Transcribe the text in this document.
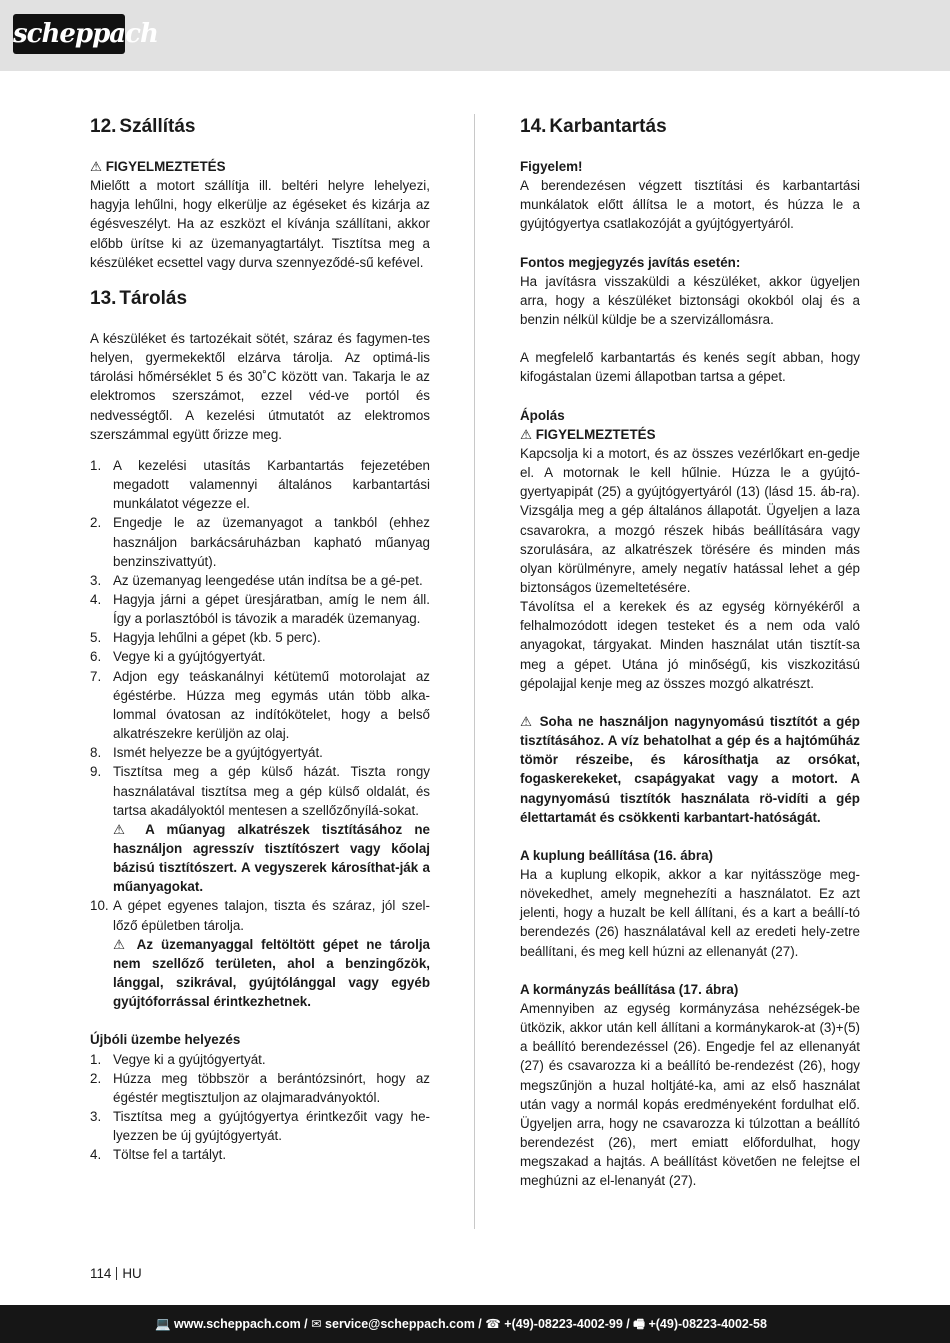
scheppach
12. Szállítás

⚠ FIGYELMEZTETÉS

Mielőtt a motort szállítja ill. beltéri helyre lehelyezi, hagyja lehűlni, hogy elkerülje az égéseket és kizárja az égésveszélyt. Ha az eszközt el kívánja szállítani, akkor előbb ürítse ki az üzemanyagtartályt. Tisztítsa meg a készüléket ecsettel vagy durva szennyeződé-sű kefével.

13. Tárolás

A készüléket és tartozékait sötét, száraz és fagymen-tes helyen, gyermekektől elzárva tárolja. Az optimá-lis tárolási hőmérséklet 5 és 30˚C között van. Takarja le az elektromos szerszámot, ezzel véd-ve portól és nedvességtől. A kezelési útmutatót az elektromos szerszámmal együtt őrizze meg.

1. A kezelési utasítás Karbantartás fejezetében megadott valamennyi általános karbantartási munkálatot végezze el.
2. Engedje le az üzemanyagot a tankból (ehhez használjon barkácsáruházban kapható műanyag benzinszivattyút).
3. Az üzemanyag leengedése után indítsa be a gé-pet.
4. Hagyja járni a gépet üresjáratban, amíg le nem áll. Így a porlasztóból is távozik a maradék üzemanyag.
5. Hagyja lehűlni a gépet (kb. 5 perc).
6. Vegye ki a gyújtógyertyát.
7. Adjon egy teáskanálnyi kétütemű motorolajat az égéstérbe. Húzza meg egymás után több alka-lommal óvatosan az indítókötelet, hogy a belső alkatrészekre kerüljön az olaj.
8. Ismét helyezze be a gyújtógyertyát.
9. Tisztítsa meg a gép külső házát. Tiszta rongy használatával tisztítsa meg a gép külső oldalát, és tartsa akadályoktól mentesen a szellőzőnyílá-sokat.
⚠ A műanyag alkatrészek tisztításához ne használjon agresszív tisztítószert vagy kőolaj bázisú tisztítószert. A vegyszerek károsíthat-ják a műanyagokat.
10. A gépet egyenes talajon, tiszta és száraz, jól szel-lőző épületben tárolja.
⚠ Az üzemanyaggal feltöltött gépet ne tárolja nem szellőző területen, ahol a benzingőzök, lánggal, szikrával, gyújtólánggal vagy egyéb gyújtóforrással érintkezhetnek.

Újbóli üzembe helyezés

1. Vegye ki a gyújtógyertyát.
2. Húzza meg többször a berántózsinórt, hogy az égéstér megtisztuljon az olajmaradványoktól.
3. Tisztítsa meg a gyújtógyertya érintkezőit vagy he-lyezzen be új gyújtógyertyát.
4. Töltse fel a tartályt.
14. Karbantartás

Figyelem!

A berendezésen végzett tisztítási és karbantartási munkálatok előtt állítsa le a motort, és húzza le a gyújtógyertya csatlakozóját a gyújtógyertyáról.

Fontos megjegyzés javítás esetén:

Ha javításra visszaküldi a készüléket, akkor ügyeljen arra, hogy a készüléket biztonsági okokból olaj és a benzin nélkül küldje be a szervizállomásra.

A megfelelő karbantartás és kenés segít abban, hogy kifogástalan üzemi állapotban tartsa a gépet.

Ápolás

⚠ FIGYELMEZTETÉS

Kapcsolja ki a motort, és az összes vezérlőkart en-gedje el. A motornak le kell hűlnie. Húzza le a gyújtó-gyertyapipát (25) a gyújtógyertyáról (13) (lásd 15. áb-ra). Vizsgálja meg a gép általános állapotát. Ügyeljen a laza csavarokra, a mozgó részek hibás beállítására vagy szorulására, az alkatrészek törésére és minden más olyan körülményre, amely negatív hatással lehet a gép biztonságos üzemeltetésére.

Távolítsa el a kerekek és az egység környékéről a felhalmozódott idegen testeket és a nem oda való anyagokat, tárgyakat. Minden használat után tisztít-sa meg a gépet. Utána jó minőségű, kis viszkozitású gépolajjal kenje meg az összes mozgó alkatrészt.

⚠ Soha ne használjon nagynyomású tisztítót a gép tisztításához. A víz behatolhat a gép és a hajtóműház tömör részeibe, és károsíthatja az orsókat, fogaskerekeket, csapágyakat vagy a motort. A nagynyomású tisztítók használata rö-vidíti a gép élettartamát és csökkenti karbantart-hatóságát.

A kuplung beállítása (16. ábra)

Ha a kuplung elkopik, akkor a kar nyitásszöge meg-növekedhet, amely megnehezíti a használatot. Ez azt jelenti, hogy a huzalt be kell állítani, és a kart a beállí-tó berendezés (26) használatával kell az eredeti hely-zetre beállítani, és meg kell húzni az ellenanyát (27).

A kormányzás beállítása (17. ábra)

Amennyiben az egység kormányzása nehézségek-be ütközik, akkor után kell állítani a kormánykarok-at (3)+(5) a beállító berendezéssel (26). Engedje fel az ellenanyát (27) és csavarozza ki a beállító be-rendezést (26), hogy megszűnjön a huzal holtjáté-ka, ami az első használat után vagy a normál kopás eredményeként fordulhat elő. Ügyeljen arra, hogy ne csavarozza ki túlzottan a beállító berendezést (26), mert emiatt előfordulhat, hogy megszakad a hajtás. A beállítást követően ne felejtse el meghúzni az el-lenanyát (27).

114 HU
💻 www.scheppach.com / ✉ service@scheppach.com / ☎ +(49)-08223-4002-99 / 🖷 +(49)-08223-4002-58
